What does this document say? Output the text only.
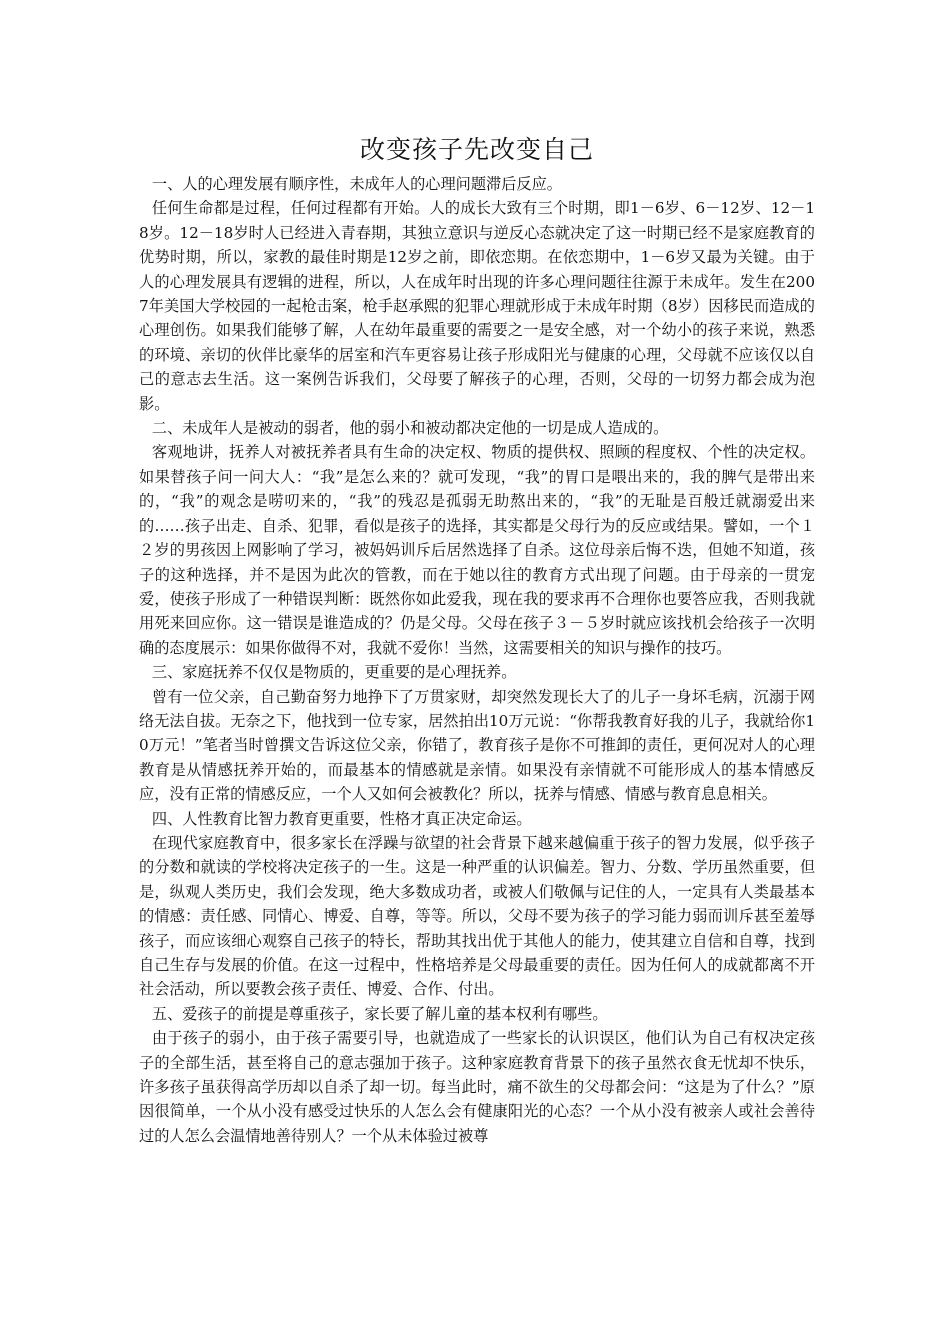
改变孩子先改变自己

一、人的心理发展有顺序性，未成年人的心理问题滞后反应。

任何生命都是过程，任何过程都有开始。人的成长大致有三个时期，即1－6岁、6－12岁、12－18岁。12－18岁时人已经进入青春期，其独立意识与逆反心态就决定了这一时期已经不是家庭教育的优势时期，所以，家教的最佳时期是12岁之前，即依恋期。在依恋期中，1－6岁又最为关键。由于人的心理发展具有逻辑的进程，所以，人在成年时出现的许多心理问题往往源于未成年。发生在2007年美国大学校园的一起枪击案，枪手赵承熙的犯罪心理就形成于未成年时期（8岁）因移民而造成的心理创伤。如果我们能够了解，人在幼年最重要的需要之一是安全感，对一个幼小的孩子来说，熟悉的环境、亲切的伙伴比豪华的居室和汽车更容易让孩子形成阳光与健康的心理，父母就不应该仅以自己的意志去生活。这一案例告诉我们，父母要了解孩子的心理，否则，父母的一切努力都会成为泡影。

二、未成年人是被动的弱者，他的弱小和被动都决定他的一切是成人造成的。

客观地讲，抚养人对被抚养者具有生命的决定权、物质的提供权、照顾的程度权、个性的决定权。如果替孩子问一问大人：“我”是怎么来的？就可发现，“我”的胃口是喂出来的，我的脾气是带出来的，“我”的观念是唠叨来的，“我”的残忍是孤弱无助熬出来的，“我”的无耻是百般迁就溺爱出来的……孩子出走、自杀、犯罪，看似是孩子的选择，其实都是父母行为的反应或结果。譬如，一个１２岁的男孩因上网影响了学习，被妈妈训斥后居然选择了自杀。这位母亲后悔不迭，但她不知道，孩子的这种选择，并不是因为此次的管教，而在于她以往的教育方式出现了问题。由于母亲的一贯宠爱，使孩子形成了一种错误判断：既然你如此爱我，现在我的要求再不合理你也要答应我，否则我就用死来回应你。这一错误是谁造成的？仍是父母。父母在孩子３－５岁时就应该找机会给孩子一次明确的态度展示：如果你做得不对，我就不爱你！当然，这需要相关的知识与操作的技巧。

三、家庭抚养不仅仅是物质的，更重要的是心理抚养。

曾有一位父亲，自己勤奋努力地挣下了万贯家财，却突然发现长大了的儿子一身坏毛病，沉溺于网络无法自拔。无奈之下，他找到一位专家，居然拍出10万元说：“你帮我教育好我的儿子，我就给你10万元！”笔者当时曾撰文告诉这位父亲，你错了，教育孩子是你不可推卸的责任，更何况对人的心理教育是从情感抚养开始的，而最基本的情感就是亲情。如果没有亲情就不可能形成人的基本情感反应，没有正常的情感反应，一个人又如何会被教化？所以，抚养与情感、情感与教育息息相关。

四、人性教育比智力教育更重要，性格才真正决定命运。

在现代家庭教育中，很多家长在浮躁与欲望的社会背景下越来越偏重于孩子的智力发展，似乎孩子的分数和就读的学校将决定孩子的一生。这是一种严重的认识偏差。智力、分数、学历虽然重要，但是，纵观人类历史，我们会发现，绝大多数成功者，或被人们敬佩与记住的人，一定具有人类最基本的情感：责任感、同情心、博爱、自尊，等等。所以，父母不要为孩子的学习能力弱而训斥甚至羞辱孩子，而应该细心观察自己孩子的特长，帮助其找出优于其他人的能力，使其建立自信和自尊，找到自己生存与发展的价值。在这一过程中，性格培养是父母最重要的责任。因为任何人的成就都离不开社会活动，所以要教会孩子责任、博爱、合作、付出。

五、爱孩子的前提是尊重孩子，家长要了解儿童的基本权利有哪些。

由于孩子的弱小，由于孩子需要引导，也就造成了一些家长的认识误区，他们认为自己有权决定孩子的全部生活，甚至将自己的意志强加于孩子。这种家庭教育背景下的孩子虽然衣食无忧却不快乐，许多孩子虽获得高学历却以自杀了却一切。每当此时，痛不欲生的父母都会问：“这是为了什么？”原因很简单，一个从小没有感受过快乐的人怎么会有健康阳光的心态？一个从小没有被亲人或社会善待过的人怎么会温情地善待别人？一个从未体验过被尊
